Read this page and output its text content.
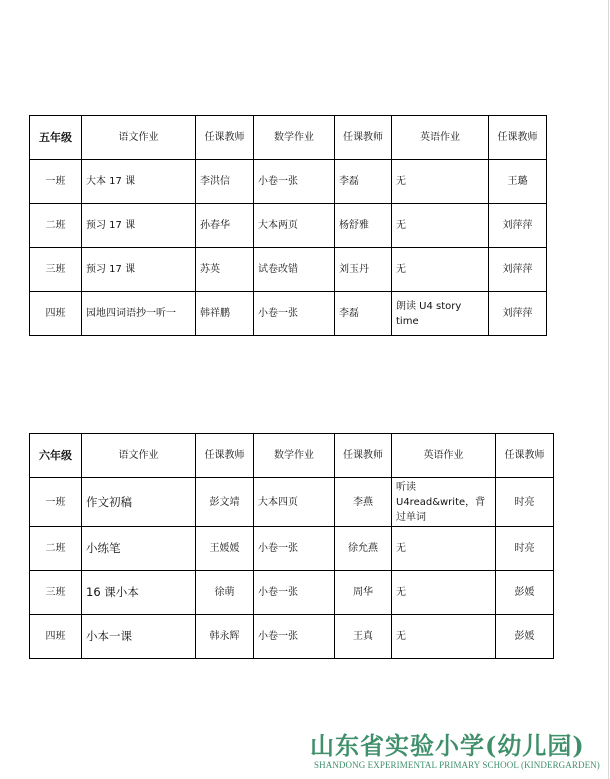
五年级	语文作业	任课教师	数学作业	任课教师	英语作业	任课教师
一班	大本 17 课	李洪信	小卷一张	李磊	无	王璐
二班	预习 17 课	孙春华	大本两页	杨舒雅	无	刘萍萍
三班	预习 17 课	苏英	试卷改错	刘玉丹	无	刘萍萍
四班	园地四词语抄一听一	韩祥鹏	小卷一张	李磊	朗读 U4 story time	刘萍萍
六年级	语文作业	任课教师	数学作业	任课教师	英语作业	任课教师
一班	作文初稿	彭文靖	大本四页	李燕	听读 U4read&write，背过单词	时亮
二班	小练笔	王媛媛	小卷一张	徐允燕	无	时亮
三班	16 课小本	徐萌	小卷一张	周华	无	彭媛
四班	小本一课	韩永辉	小卷一张	王真	无	彭媛
山东省实验小学(幼儿园)
SHANDONG EXPERIMENTAL PRIMARY SCHOOL (KINDERGARDEN)
